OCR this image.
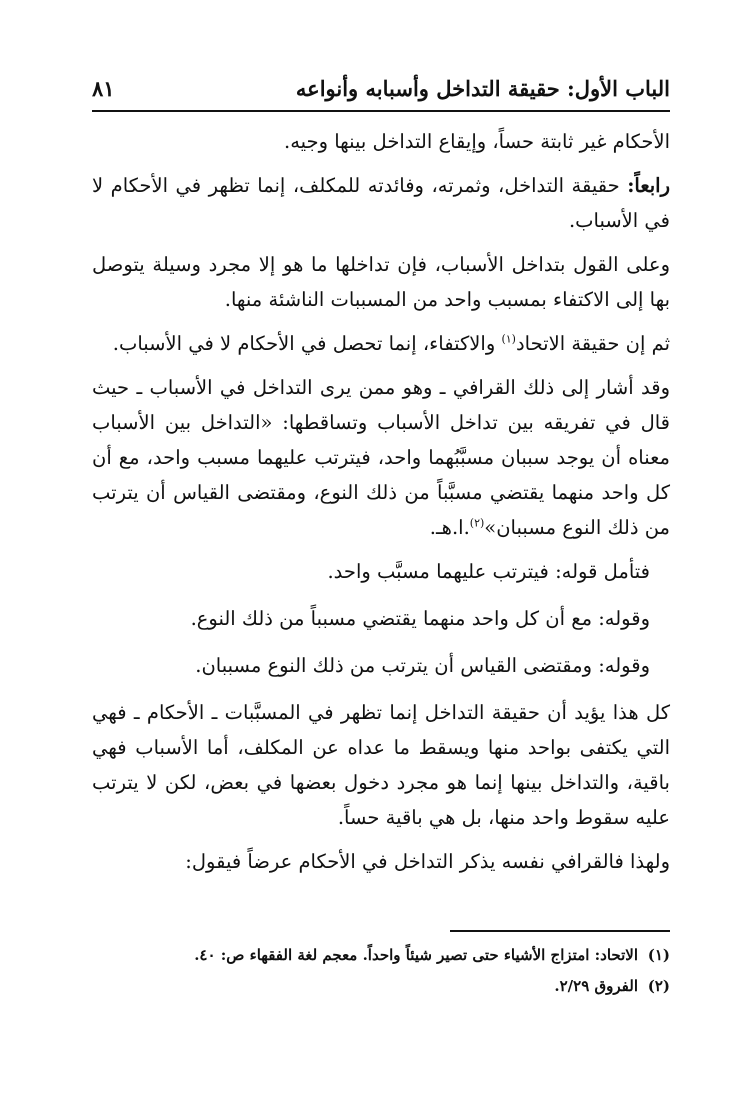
الباب الأول: حقيقة التداخل وأسبابه وأنواعه
٨١

الأحكام غير ثابتة حساً، وإيقاع التداخل بينها وجيه.

رابعاً: حقيقة التداخل، وثمرته، وفائدته للمكلف، إنما تظهر في الأحكام لا في الأسباب.

وعلى القول بتداخل الأسباب، فإن تداخلها ما هو إلا مجرد وسيلة يتوصل بها إلى الاكتفاء بمسبب واحد من المسببات الناشئة منها.

ثم إن حقيقة الاتحاد$^{(١)}$ والاكتفاء، إنما تحصل في الأحكام لا في الأسباب.

وقد أشار إلى ذلك القرافي ـ وهو ممن يرى التداخل في الأسباب ـ حيث قال في تفريقه بين تداخل الأسباب وتساقطها: «التداخل بين الأسباب معناه أن يوجد سببان مسبَّبُهما واحد، فيترتب عليهما مسبب واحد، مع أن كل واحد منهما يقتضي مسبَّباً من ذلك النوع، ومقتضى القياس أن يترتب من ذلك النوع مسببان»$^{(٢)}$.ا.هـ.

فتأمل قوله: فيترتب عليهما مسبَّب واحد.

وقوله: مع أن كل واحد منهما يقتضي مسبباً من ذلك النوع.

وقوله: ومقتضى القياس أن يترتب من ذلك النوع مسببان.

كل هذا يؤيد أن حقيقة التداخل إنما تظهر في المسبَّبات ـ الأحكام ـ فهي التي يكتفى بواحد منها ويسقط ما عداه عن المكلف، أما الأسباب فهي باقية، والتداخل بينها إنما هو مجرد دخول بعضها في بعض، لكن لا يترتب عليه سقوط واحد منها، بل هي باقية حساً.

ولهذا فالقرافي نفسه يذكر التداخل في الأحكام عرضاً فيقول:

(١)الاتحاد: امتزاج الأشياء حتى تصير شيئاً واحداً. معجم لغة الفقهاء ص: ٤٠.

(٢)الفروق ٢/٢٩.
